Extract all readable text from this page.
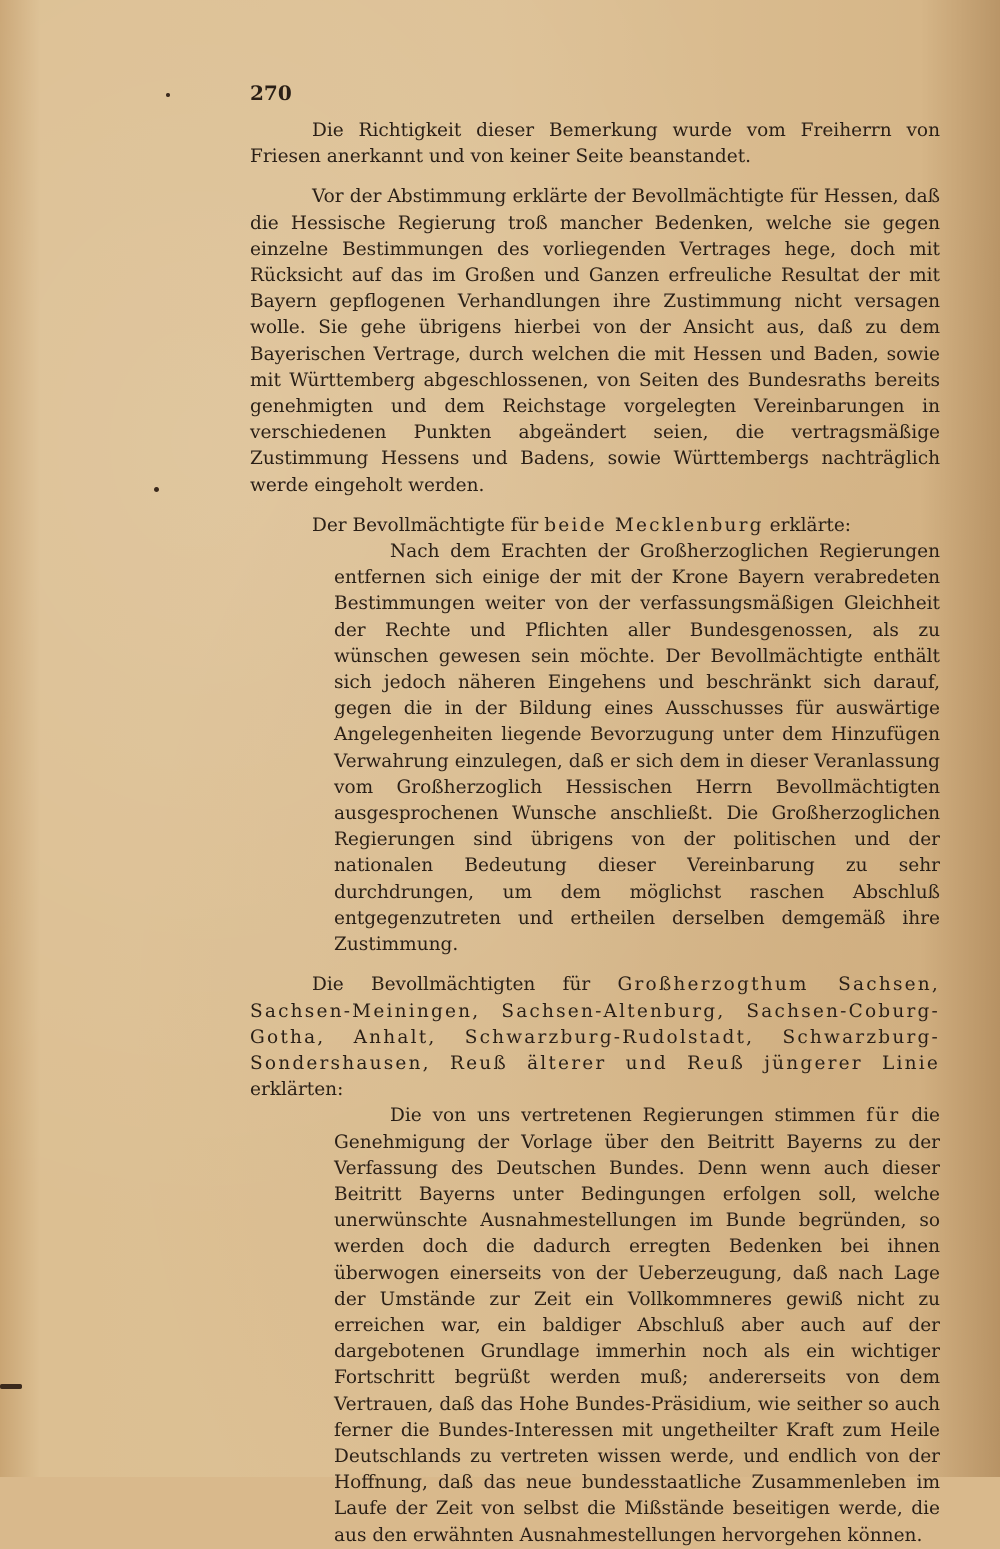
270

Die Richtigkeit dieser Bemerkung wurde vom Freiherrn von Friesen anerkannt und von keiner Seite beanstandet.

Vor der Abstimmung erklärte der Bevollmächtigte für Hessen, daß die Hessische Regierung troß mancher Bedenken, welche sie gegen einzelne Bestimmungen des vorliegenden Vertrages hege, doch mit Rücksicht auf das im Großen und Ganzen erfreuliche Resultat der mit Bayern gepflogenen Verhandlungen ihre Zustimmung nicht versagen wolle. Sie gehe übrigens hierbei von der Ansicht aus, daß zu dem Bayerischen Vertrage, durch welchen die mit Hessen und Baden, sowie mit Württemberg abgeschlossenen, von Seiten des Bundesraths bereits genehmigten und dem Reichstage vorgelegten Vereinbarungen in verschiedenen Punkten abgeändert seien, die vertragsmäßige Zustimmung Hessens und Badens, sowie Württembergs nachträglich werde eingeholt werden.

Der Bevollmächtigte für beide Mecklenburg erklärte:

Nach dem Erachten der Großherzoglichen Regierungen entfernen sich einige der mit der Krone Bayern verabredeten Bestimmungen weiter von der verfassungsmäßigen Gleichheit der Rechte und Pflichten aller Bundesgenossen, als zu wünschen gewesen sein möchte. Der Bevollmächtigte enthält sich jedoch näheren Eingehens und beschränkt sich darauf, gegen die in der Bildung eines Ausschusses für auswärtige Angelegenheiten liegende Bevorzugung unter dem Hinzufügen Verwahrung einzulegen, daß er sich dem in dieser Veranlassung vom Großherzoglich Hessischen Herrn Bevollmächtigten ausgesprochenen Wunsche anschließt. Die Großherzoglichen Regierungen sind übrigens von der politischen und der nationalen Bedeutung dieser Vereinbarung zu sehr durchdrungen, um dem möglichst raschen Abschluß entgegenzutreten und ertheilen derselben demgemäß ihre Zustimmung.

Die Bevollmächtigten für Großherzogthum Sachsen, Sachsen-Meiningen, Sachsen-Altenburg, Sachsen-Coburg-Gotha, Anhalt, Schwarzburg-Rudolstadt, Schwarzburg-Sondershausen, Reuß älterer und Reuß jüngerer Linie erklärten:

Die von uns vertretenen Regierungen stimmen für die Genehmigung der Vorlage über den Beitritt Bayerns zu der Verfassung des Deutschen Bundes. Denn wenn auch dieser Beitritt Bayerns unter Bedingungen erfolgen soll, welche unerwünschte Ausnahmestellungen im Bunde begründen, so werden doch die dadurch erregten Bedenken bei ihnen überwogen einerseits von der Ueberzeugung, daß nach Lage der Umstände zur Zeit ein Vollkommneres gewiß nicht zu erreichen war, ein baldiger Abschluß aber auch auf der dargebotenen Grundlage immerhin noch als ein wichtiger Fortschritt begrüßt werden muß; andererseits von dem Vertrauen, daß das Hohe Bundes-Präsidium, wie seither so auch ferner die Bundes-Interessen mit ungetheilter Kraft zum Heile Deutschlands zu vertreten wissen werde, und endlich von der Hoffnung, daß das neue bundesstaatliche Zusammenleben im Laufe der Zeit von selbst die Mißstände beseitigen werde, die aus den erwähnten Ausnahmestellungen hervorgehen können.
